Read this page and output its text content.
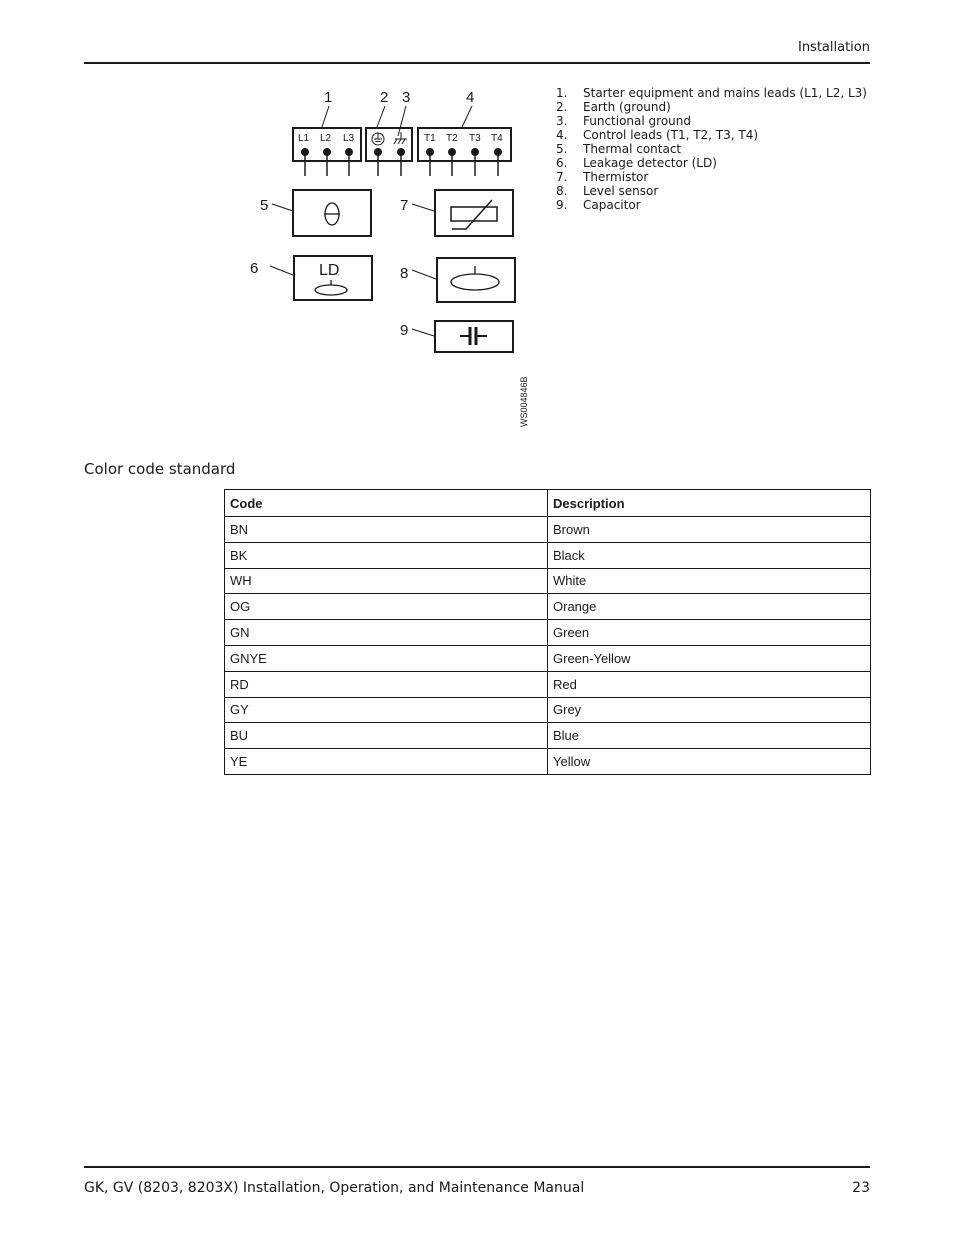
Installation
1	2 3	4
5
6
7
8
9
L1 L2 L3	T1 T2 T3 T4
LD
WS004846B
1.	Starter equipment and mains leads (L1, L2, L3)
2.	Earth (ground)
3.	Functional ground
4.	Control leads (T1, T2, T3, T4)
5.	Thermal contact
6.	Leakage detector (LD)
7.	Thermistor
8.	Level sensor
9.	Capacitor
Color code standard
Code	Description
BN	Brown
BK	Black
WH	White
OG	Orange
GN	Green
GNYE	Green-Yellow
RD	Red
GY	Grey
BU	Blue
YE	Yellow
GK, GV (8203, 8203X) Installation, Operation, and Maintenance Manual	23
